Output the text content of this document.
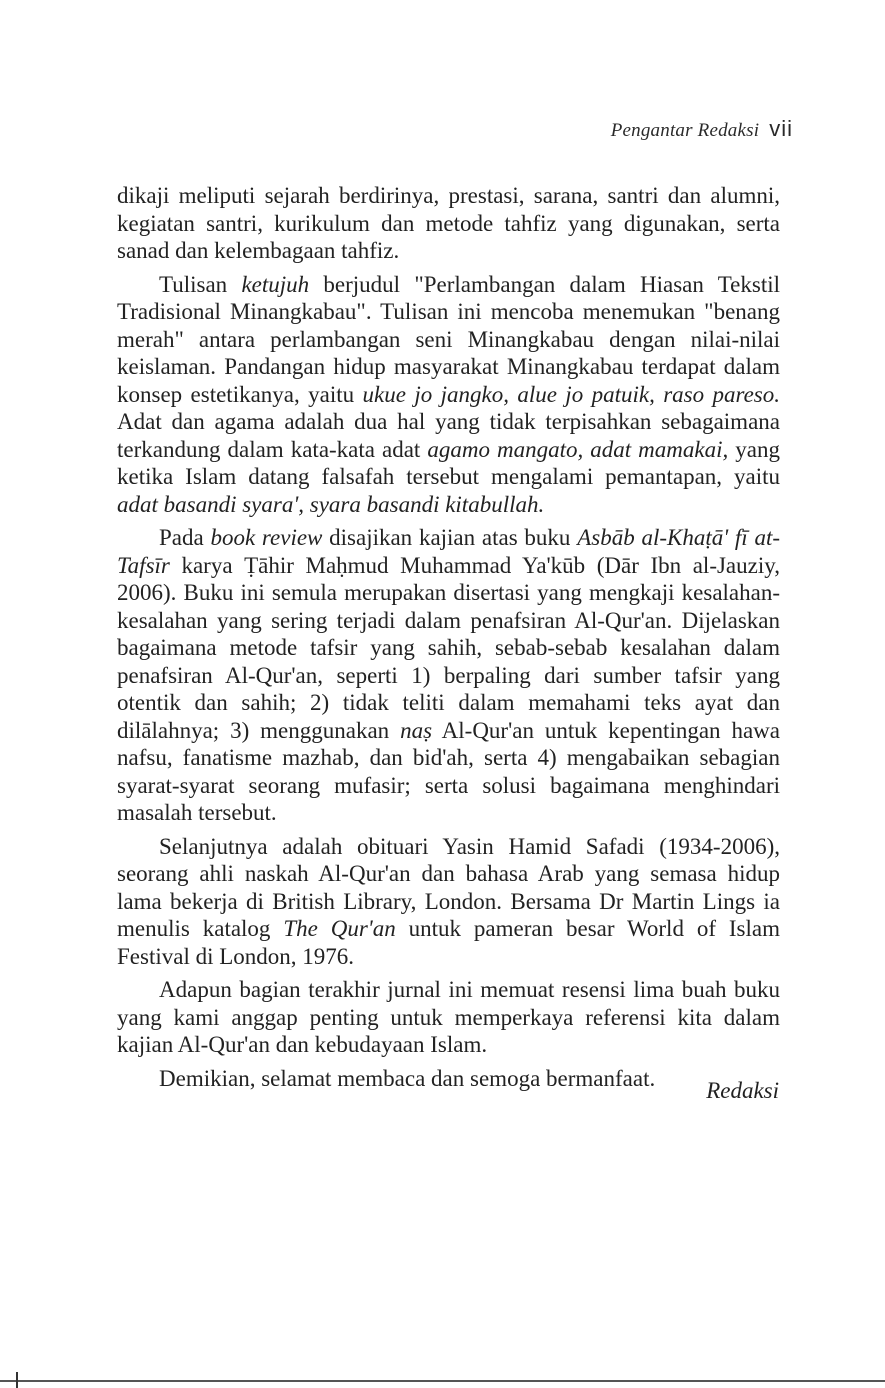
Pengantar Redaksi vii

dikaji meliputi sejarah berdirinya, prestasi, sarana, santri dan alumni, kegiatan santri, kurikulum dan metode tahfiz yang digunakan, serta sanad dan kelembagaan tahfiz.

Tulisan ketujuh berjudul "Perlambangan dalam Hiasan Tekstil Tradisional Minangkabau". Tulisan ini mencoba menemukan "benang merah" antara perlambangan seni Minangkabau dengan nilai-nilai keislaman. Pandangan hidup masyarakat Minangkabau terdapat dalam konsep estetikanya, yaitu ukue jo jangko, alue jo patuik, raso pareso. Adat dan agama adalah dua hal yang tidak terpisahkan sebagaimana terkandung dalam kata-kata adat agamo mangato, adat mamakai, yang ketika Islam datang falsafah tersebut mengalami pemantapan, yaitu adat basandi syara', syara basandi kitabullah.

Pada book review disajikan kajian atas buku Asbāb al-Khaṭā' fī at-Tafsīr karya Ṭāhir Maḥmud Muhammad Ya'kūb (Dār Ibn al-Jauziy, 2006). Buku ini semula merupakan disertasi yang mengkaji kesalahan-kesalahan yang sering terjadi dalam penafsiran Al-Qur'an. Dijelaskan bagaimana metode tafsir yang sahih, sebab-sebab kesalahan dalam penafsiran Al-Qur'an, seperti 1) berpaling dari sumber tafsir yang otentik dan sahih; 2) tidak teliti dalam memahami teks ayat dan dilālahnya; 3) menggunakan naṣ Al-Qur'an untuk kepentingan hawa nafsu, fanatisme mazhab, dan bid'ah, serta 4) mengabaikan sebagian syarat-syarat seorang mufasir; serta solusi bagaimana menghindari masalah tersebut.

Selanjutnya adalah obituari Yasin Hamid Safadi (1934-2006), seorang ahli naskah Al-Qur'an dan bahasa Arab yang semasa hidup lama bekerja di British Library, London. Bersama Dr Martin Lings ia menulis katalog The Qur'an untuk pameran besar World of Islam Festival di London, 1976.

Adapun bagian terakhir jurnal ini memuat resensi lima buah buku yang kami anggap penting untuk memperkaya referensi kita dalam kajian Al-Qur'an dan kebudayaan Islam.

Demikian, selamat membaca dan semoga bermanfaat.	Redaksi
